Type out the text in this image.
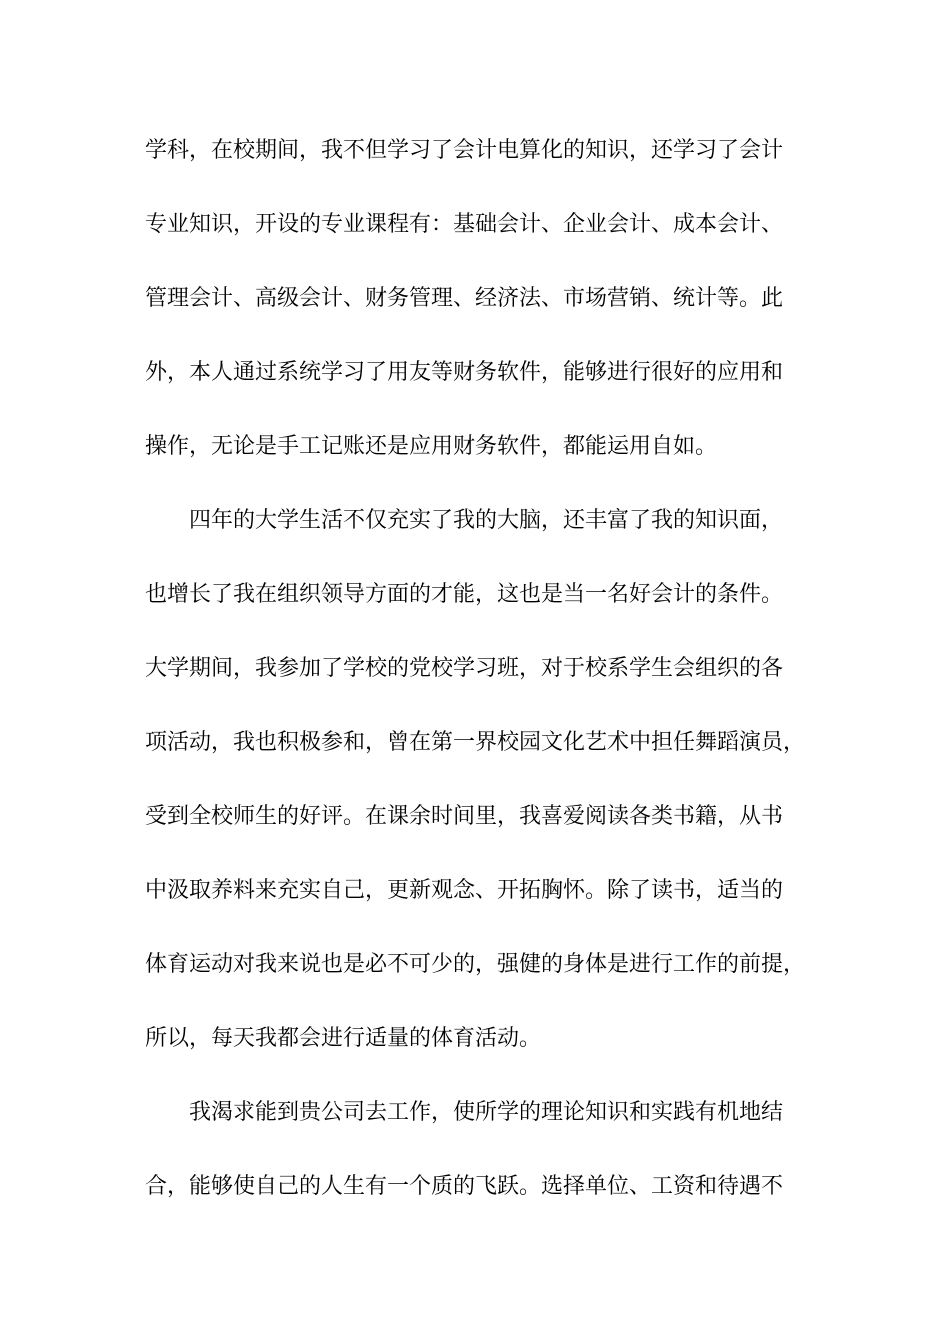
学科，在校期间，我不但学习了会计电算化的知识，还学习了会计
专业知识，开设的专业课程有：基础会计、企业会计、成本会计、
管理会计、高级会计、财务管理、经济法、市场营销、统计等。此
外，本人通过系统学习了用友等财务软件，能够进行很好的应用和
操作，无论是手工记账还是应用财务软件，都能运用自如。
四年的大学生活不仅充实了我的大脑，还丰富了我的知识面，
也增长了我在组织领导方面的才能，这也是当一名好会计的条件。
大学期间，我参加了学校的党校学习班，对于校系学生会组织的各
项活动，我也积极参和，曾在第一界校园文化艺术中担任舞蹈演员，
受到全校师生的好评。在课余时间里，我喜爱阅读各类书籍，从书
中汲取养料来充实自己，更新观念、开拓胸怀。除了读书，适当的
体育运动对我来说也是必不可少的，强健的身体是进行工作的前提，
所以，每天我都会进行适量的体育活动。
我渴求能到贵公司去工作，使所学的理论知识和实践有机地结
合，能够使自己的人生有一个质的飞跃。选择单位、工资和待遇不
